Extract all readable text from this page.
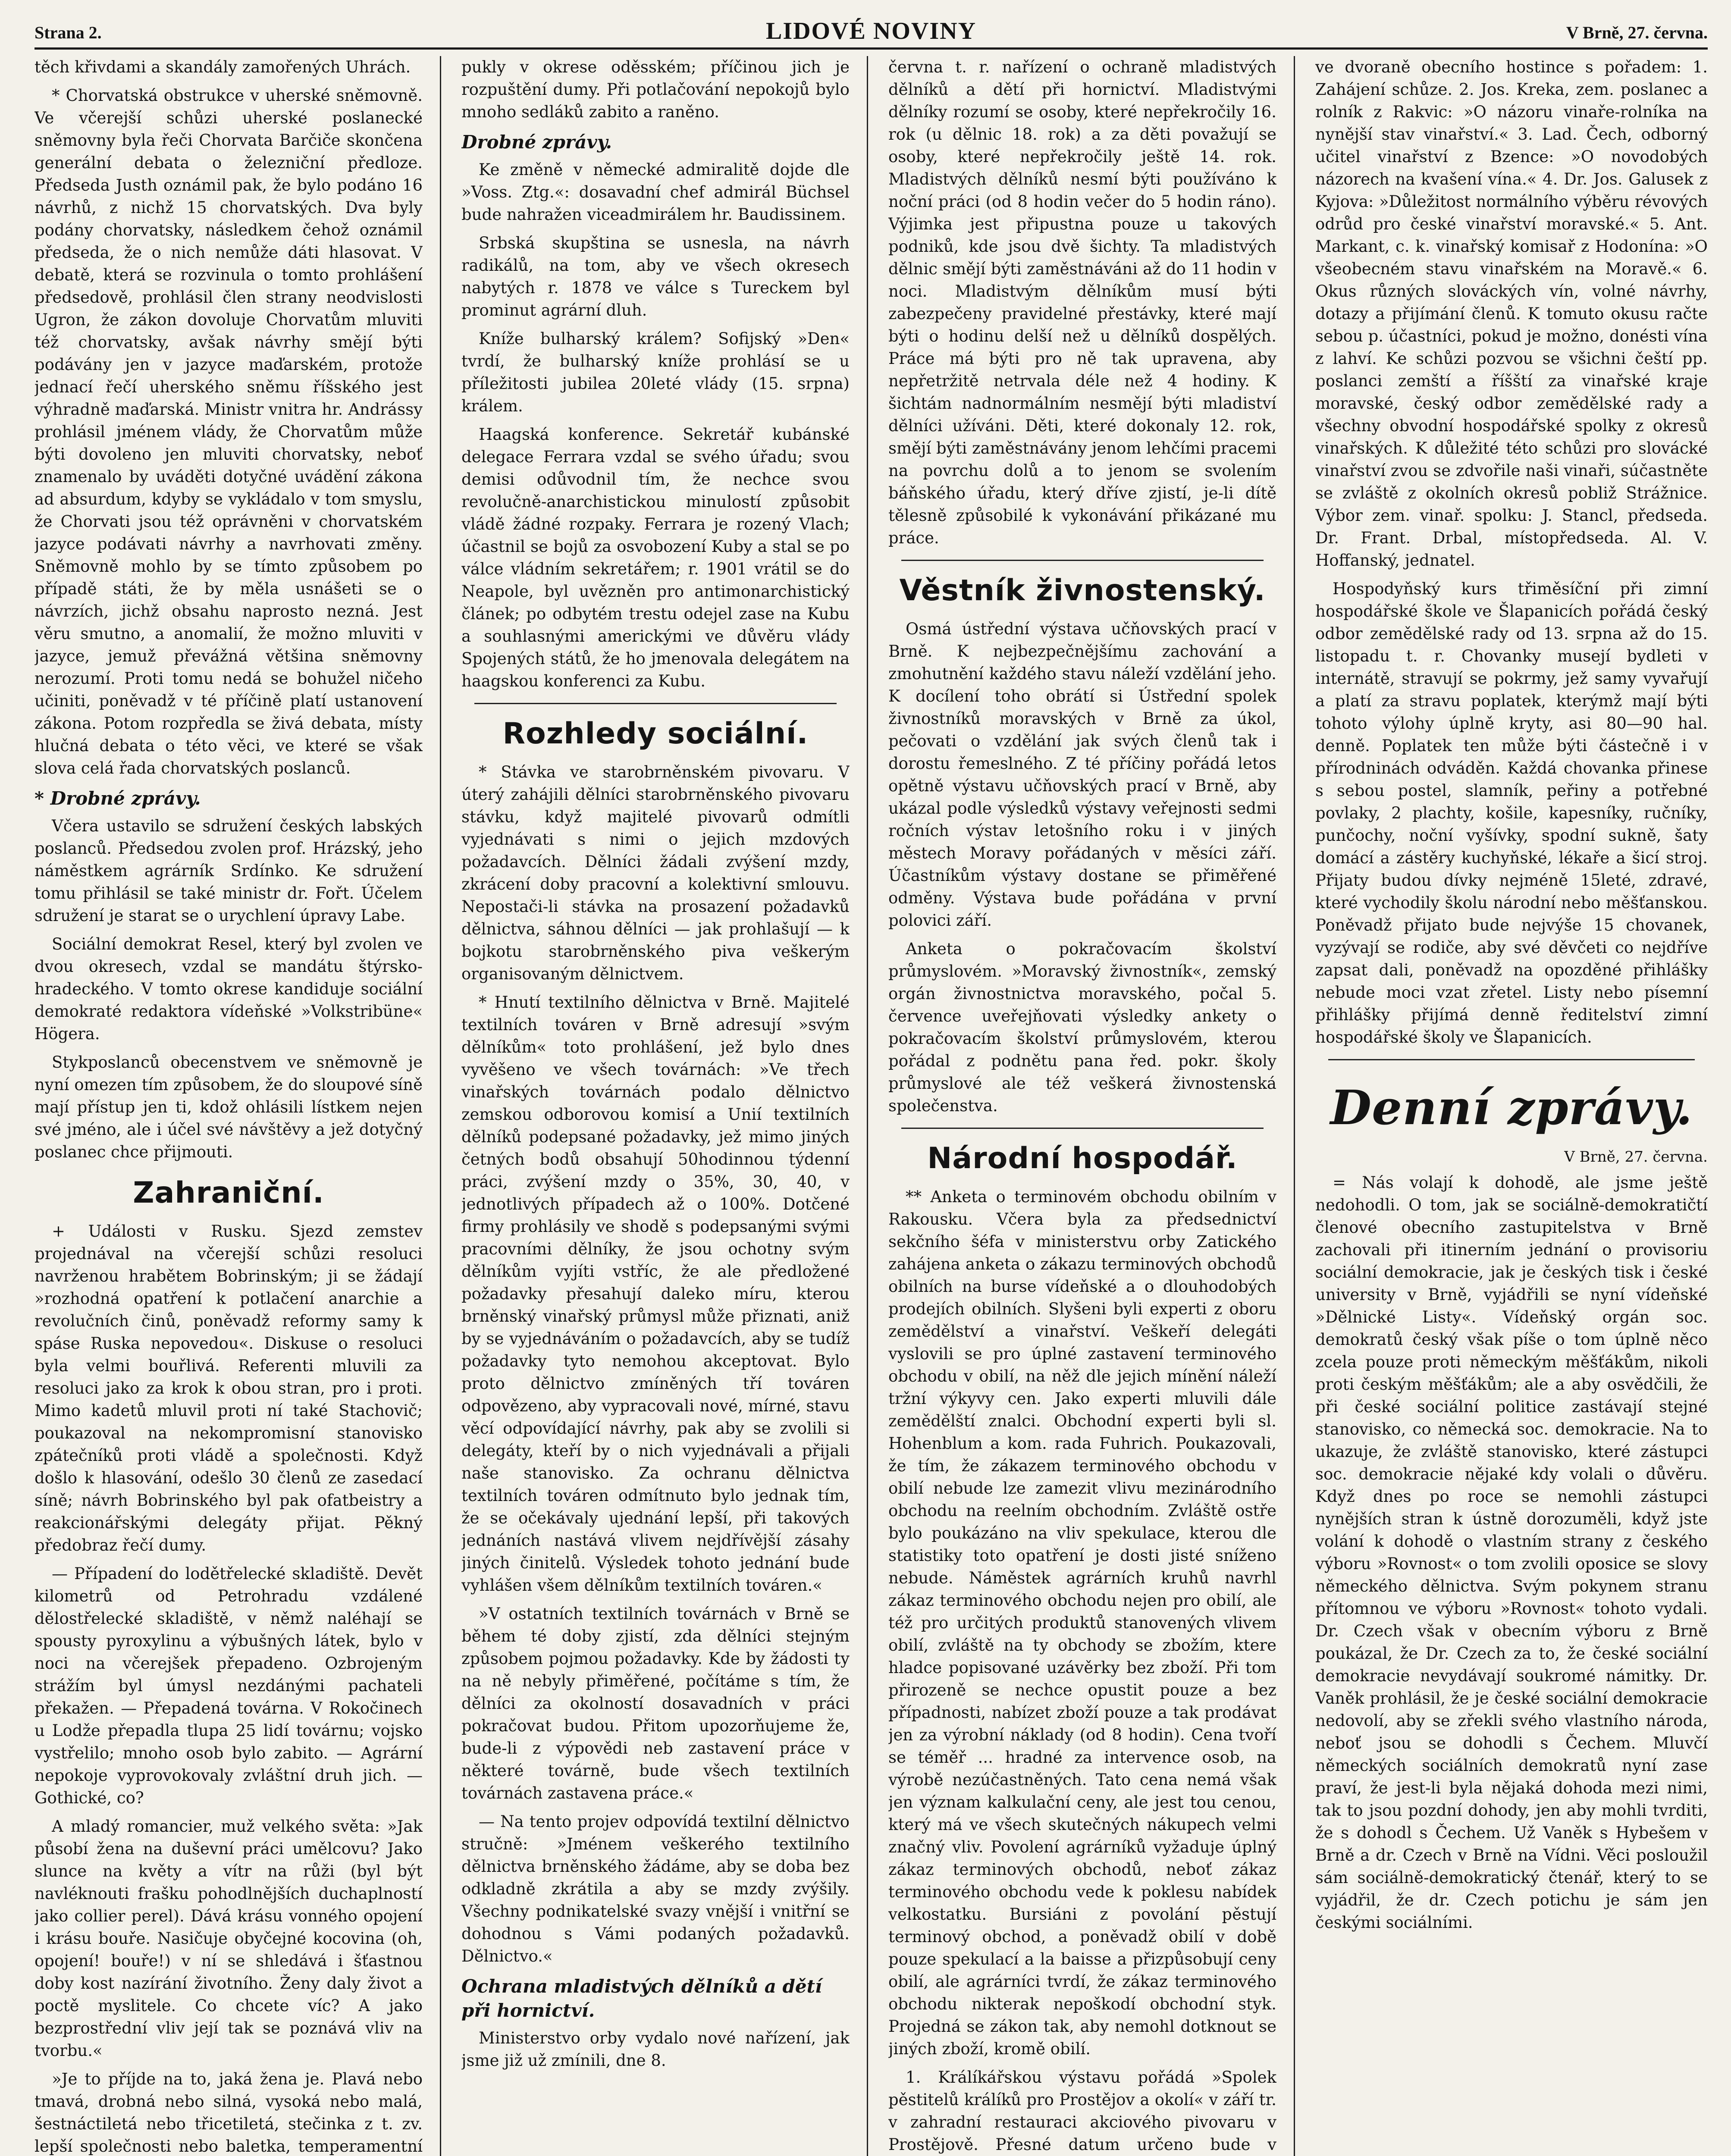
Strana 2.	LIDOVÉ NOVINY	V Brně, 27. června.

těch křivdami a skandály zamořených Uhrách.

* Chorvatská obstrukce v uherské sněmovně. Ve včerejší schůzi uherské poslanecké sněmovny byla řeči Chorvata Barčiče skončena generální debata o železniční předloze. Předseda Justh oznámil pak, že bylo podáno 16 návrhů, z nichž 15 chorvatských. Dva byly podány chorvatsky, následkem čehož oznámil předseda, že o nich nemůže dáti hlasovat. V debatě, která se rozvinula o tomto prohlášení předsedově, prohlásil člen strany neodvislosti Ugron, že zákon dovoluje Chorvatům mluviti též chorvatsky, avšak návrhy smějí býti podávány jen v jazyce maďarském, protože jednací řečí uherského sněmu říšského jest výhradně maďarská. Ministr vnitra hr. Andrássy prohlásil jménem vlády, že Chorvatům může býti dovoleno jen mluviti chorvatsky, neboť znamenalo by uváděti dotyčné uvádění zákona ad absurdum, kdyby se vykládalo v tom smyslu, že Chorvati jsou též oprávněni v chorvatském jazyce podávati návrhy a navrhovati změny. Sněmovně mohlo by se tímto způsobem po případě státi, že by měla usnášeti se o návrzích, jichž obsahu naprosto nezná. Jest věru smutno, a anomalií, že možno mluviti v jazyce, jemuž převážná většina sněmovny nerozumí. Proti tomu nedá se bohužel ničeho učiniti, poněvadž v té příčině platí ustanovení zákona. Potom rozpředla se živá debata, místy hlučná debata o této věci, ve které se však slova celá řada chorvatských poslanců.

* Drobné zprávy.

Včera ustavilo se sdružení českých labských poslanců. Předsedou zvolen prof. Hrázský, jeho náměstkem agrárník Srdínko. Ke sdružení tomu přihlásil se také ministr dr. Fořt. Účelem sdružení je starat se o urychlení úpravy Labe.

Sociální demokrat Resel, který byl zvolen ve dvou okresech, vzdal se mandátu štýrsko-hradeckého. V tomto okrese kandiduje sociální demokraté redaktora vídeňské »Volkstribüne« Högera.

Stykposlanců obecenstvem ve sněmovně je nyní omezen tím způsobem, že do sloupové síně mají přístup jen ti, kdož ohlásili lístkem nejen své jméno, ale i účel své návštěvy a jež dotyčný poslanec chce přijmouti.

Zahraniční.

+ Události v Rusku. Sjezd zemstev projednával na včerejší schůzi resoluci navrženou hrabětem Bobrinským; ji se žádají »rozhodná opatření k potlačení anarchie a revolučních činů, poněvadž reformy samy k spáse Ruska nepovedou«. Diskuse o resoluci byla velmi bouřlivá. Referenti mluvili za resoluci jako za krok k obou stran, pro i proti. Mimo kadetů mluvil proti ní také Stachovič; poukazoval na nekompromisní stanovisko zpátečníků proti vládě a společnosti. Když došlo k hlasování, odešlo 30 členů ze zasedací síně; návrh Bobrinského byl pak ofatbeistry a reakcionářskými delegáty přijat. Pěkný předobraz řečí dumy.

— Případení do lodětřelecké skladiště. Devět kilometrů od Petrohradu vzdálené dělostřelecké skladiště, v němž naléhají se spousty pyroxylinu a výbušných látek, bylo v noci na včerejšek přepadeno. Ozbrojeným strážím byl úmysl nezdánými pachateli překažen. — Přepadená továrna. V Rokočinech u Lodže přepadla tlupa 25 lidí továrnu; vojsko vystřelilo; mnoho osob bylo zabito. — Agrární nepokoje vyprovokovaly zvláštní druh jich. — Gothické, co?

A mladý romancier, muž velkého světa: »Jak působí žena na duševní práci umělcovu? Jako slunce na květy a vítr na růži (byl být navléknouti frašku pohodlnějších duchaplností jako collier perel). Dává krásu vonného opojení i krásu bouře. Nasičuje obyčejné kocovina (oh, opojení! bouře!) v ní se shledává i šťastnou doby kost nazírání životního. Ženy daly život a poctě myslitele. Co chcete víc? A jako bezprostřední vliv její tak se poznává vliv na tvorbu.«

»Je to příjde na to, jaká žena je. Plavá nebo tmavá, drobná nebo silná, vysoká nebo malá, šestnáctiletá nebo třicetiletá, stečinka z t. zv. lepší společnosti nebo baletka, temperamentní

pukly v okrese oděsském; příčinou jich je rozpuštění dumy. Při potlačování nepokojů bylo mnoho sedláků zabito a raněno.

Drobné zprávy.

Ke změně v německé admiralitě dojde dle »Voss. Ztg.«: dosavadní chef admirál Büchsel bude nahražen viceadmirálem hr. Baudissinem.

Srbská skupština se usnesla, na návrh radikálů, na tom, aby ve všech okresech nabytých r. 1878 ve válce s Tureckem byl prominut agrární dluh.

Kníže bulharský králem? Sofijský »Den« tvrdí, že bulharský kníže prohlásí se u příležitosti jubilea 20leté vlády (15. srpna) králem.

Haagská konference. Sekretář kubánské delegace Ferrara vzdal se svého úřadu; svou demisi odůvodnil tím, že nechce svou revolučně-anarchistickou minulostí způsobit vládě žádné rozpaky. Ferrara je rozený Vlach; účastnil se bojů za osvobození Kuby a stal se po válce vládním sekretářem; r. 1901 vrátil se do Neapole, byl uvězněn pro antimonarchistický článek; po odbytém trestu odejel zase na Kubu a souhlasnými americkými ve důvěru vlády Spojených států, že ho jmenovala delegátem na haagskou konferenci za Kubu.

Rozhledy sociální.

* Stávka ve starobrněnském pivovaru. V úterý zahájili dělníci starobrněnského pivovaru stávku, když majitelé pivovarů odmítli vyjednávati s nimi o jejich mzdových požadavcích. Dělníci žádali zvýšení mzdy, zkrácení doby pracovní a kolektivní smlouvu. Nepostači-li stávka na prosazení požadavků dělnictva, sáhnou dělníci — jak prohlašují — k bojkotu starobrněnského piva veškerým organisovaným dělnictvem.

* Hnutí textilního dělnictva v Brně. Majitelé textilních továren v Brně adresují »svým dělníkům« toto prohlášení, jež bylo dnes vyvěšeno ve všech továrnách: »Ve třech vinařských továrnách podalo dělnictvo zemskou odborovou komisí a Unií textilních dělníků podepsané požadavky, jež mimo jiných četných bodů obsahují 50hodinnou týdenní práci, zvýšení mzdy o 35%, 30, 40, v jednotlivých případech až o 100%. Dotčené firmy prohlásily ve shodě s podepsanými svými pracovními dělníky, že jsou ochotny svým dělníkům vyjíti vstříc, že ale předložené požadavky přesahují daleko míru, kterou brněnský vinařský průmysl může přiznati, aniž by se vyjednáváním o požadavcích, aby se tudíž požadavky tyto nemohou akceptovat. Bylo proto dělnictvo zmíněných tří továren odpovězeno, aby vypracovali nové, mírné, stavu věcí odpovídající návrhy, pak aby se zvolili si delegáty, kteří by o nich vyjednávali a přijali naše stanovisko. Za ochranu dělnictva textilních továren odmítnuto bylo jednak tím, že se očekávaly ujednání lepší, při takových jednáních nastává vlivem nejdřívější zásahy jiných činitelů. Výsledek tohoto jednání bude vyhlášen všem dělníkům textilních továren.«

»V ostatních textilních továrnách v Brně se během té doby zjistí, zda dělníci stejným způsobem pojmou požadavky. Kde by žádosti ty na ně nebyly přiměřené, počítáme s tím, že dělníci za okolností dosavadních v práci pokračovat budou. Přitom upozorňujeme že, bude-li z výpovědi neb zastavení práce v některé továrně, bude všech textilních továrnách zastavena práce.«

— Na tento projev odpovídá textilní dělnictvo stručně: »Jménem veškerého textilního dělnictva brněnského žádáme, aby se doba bez odkladně zkrátila a aby se mzdy zvýšily. Všechny podnikatelské svazy vnější i vnitřní se dohodnou s Vámi podaných požadavků. Dělnictvo.«

Ochrana mladistvých dělníků a dětí při hornictví.

Ministerstvo orby vydalo nové nařízení, jak jsme již už zmínili, dne 8.

června t. r. nařízení o ochraně mladistvých dělníků a dětí při hornictví. Mladistvými dělníky rozumí se osoby, které nepřekročily 16. rok (u dělnic 18. rok) a za děti považují se osoby, které nepřekročily ještě 14. rok. Mladistvých dělníků nesmí býti používáno k noční práci (od 8 hodin večer do 5 hodin ráno). Výjimka jest připustna pouze u takových podniků, kde jsou dvě šichty. Ta mladistvých dělnic smějí býti zaměstnáváni až do 11 hodin v noci. Mladistvým dělníkům musí býti zabezpečeny pravidelné přestávky, které mají býti o hodinu delší než u dělníků dospělých. Práce má býti pro ně tak upravena, aby nepřetržitě netrvala déle než 4 hodiny. K šichtám nadnormálním nesmějí býti mladiství dělníci užíváni. Děti, které dokonaly 12. rok, smějí býti zaměstnávány jenom lehčími pracemi na povrchu dolů a to jenom se svolením báňského úřadu, který dříve zjistí, je-li dítě tělesně způsobilé k vykonávání přikázané mu práce.

Věstník živnostenský.

Osmá ústřední výstava učňovských prací v Brně. K nejbezpečnějšímu zachování a zmohutnění každého stavu náleží vzdělání jeho. K docílení toho obrátí si Ústřední spolek živnostníků moravských v Brně za úkol, pečovati o vzdělání jak svých členů tak i dorostu řemeslného. Z té příčiny pořádá letos opětně výstavu učňovských prací v Brně, aby ukázal podle výsledků výstavy veřejnosti sedmi ročních výstav letošního roku i v jiných městech Moravy pořádaných v měsíci září. Účastníkům výstavy dostane se přiměřené odměny. Výstava bude pořádána v první polovici září.

Anketa o pokračovacím školství průmyslovém. »Moravský živnostník«, zemský orgán živnostnictva moravského, počal 5. července uveřejňovati výsledky ankety o pokračovacím školství průmyslovém, kterou pořádal z podnětu pana řed. pokr. školy průmyslové ale též veškerá živnostenská společenstva.

Národní hospodář.

** Anketa o terminovém obchodu obilním v Rakousku. Včera byla za předsednictví sekčního šéfa v ministerstvu orby Zatického zahájena anketa o zákazu terminových obchodů obilních na burse vídeňské a o dlouhodobých prodejích obilních. Slyšeni byli experti z oboru zemědělství a vinařství. Veškeří delegáti vyslovili se pro úplné zastavení terminového obchodu v obilí, na něž dle jejich mínění náleží tržní výkyvy cen. Jako experti mluvili dále zemědělští znalci. Obchodní experti byli sl. Hohenblum a kom. rada Fuhrich. Poukazovali, že tím, že zákazem terminového obchodu v obilí nebude lze zamezit vlivu mezinárodního obchodu na reelním obchodním. Zvláště ostře bylo poukázáno na vliv spekulace, kterou dle statistiky toto opatření je dosti jisté sníženo nebude. Náměstek agrárních kruhů navrhl zákaz terminového obchodu nejen pro obilí, ale též pro určitých produktů stanovených vlivem obilí, zvláště na ty obchody se zbožím, ktere hladce popisované uzávěrky bez zboží. Při tom přirozeně se nechce opustit pouze a bez případnosti, nabízet zboží pouze a tak prodávat jen za výrobní náklady (od 8 hodin). Cena tvoří se téměř ... hradné za intervence osob, na výrobě nezúčastněných. Tato cena nemá však jen význam kalkulační ceny, ale jest tou cenou, který má ve všech skutečných nákupech velmi značný vliv. Povolení agrárníků vyžaduje úplný zákaz terminových obchodů, neboť zákaz terminového obchodu vede k poklesu nabídek velkostatku. Bursiáni z povolání pěstují terminový obchod, a poněvadž obilí v době pouze spekulací a la baisse a přizpůsobují ceny obilí, ale agrárníci tvrdí, že zákaz terminového obchodu nikterak nepoškodí obchodní styk. Projedná se zákon tak, aby nemohl dotknout se jiných zboží, kromě obilí.

1. Králíkářskou výstavu pořádá »Spolek pěstitelů králíků pro Prostějov a okolí« v září tr. v zahradní restauraci akciového pivovaru v Prostějově. Přesné datum určeno bude v

ve dvoraně obecního hostince s pořadem: 1. Zahájení schůze. 2. Jos. Kreka, zem. poslanec a rolník z Rakvic: »O názoru vinaře-rolníka na nynější stav vinařství.« 3. Lad. Čech, odborný učitel vinařství z Bzence: »O novodobých názorech na kvašení vína.« 4. Dr. Jos. Galusek z Kyjova: »Důležitost normálního výběru révových odrůd pro české vinařství moravské.« 5. Ant. Markant, c. k. vinařský komisař z Hodonína: »O všeobecném stavu vinařském na Moravě.« 6. Okus různých slováckých vín, volné návrhy, dotazy a přijímání členů. K tomuto okusu račte sebou p. účastníci, pokud je možno, donésti vína z lahví. Ke schůzi pozvou se všichni čeští pp. poslanci zemští a říšští za vinařské kraje moravské, český odbor zemědělské rady a všechny obvodní hospodářské spolky z okresů vinařských. K důležité této schůzi pro slovácké vinařství zvou se zdvořile naši vinaři, súčastněte se zvláště z okolních okresů pobliž Strážnice. Výbor zem. vinař. spolku: J. Stancl, předseda. Dr. Frant. Drbal, místopředseda. Al. V. Hoffanský, jednatel.

Hospodyňský kurs třiměsíční při zimní hospodářské škole ve Šlapanicích pořádá český odbor zemědělské rady od 13. srpna až do 15. listopadu t. r. Chovanky musejí bydleti v internátě, stravují se pokrmy, jež samy vyvařují a platí za stravu poplatek, kterýmž mají býti tohoto výlohy úplně kryty, asi 80—90 hal. denně. Poplatek ten může býti částečně i v přírodninách odváděn. Každá chovanka přinese s sebou postel, slamník, peřiny a potřebné povlaky, 2 plachty, košile, kapesníky, ručníky, punčochy, noční vyšívky, spodní sukně, šaty domácí a zástěry kuchyňské, lékaře a šicí stroj. Přijaty budou dívky nejméně 15leté, zdravé, které vychodily školu národní nebo měšťanskou. Poněvadž přijato bude nejvýše 15 chovanek, vyzývají se rodiče, aby své děvčeti co nejdříve zapsat dali, poněvadž na opozděné přihlášky nebude moci vzat zřetel. Listy nebo písemní přihlášky přijímá denně ředitelství zimní hospodářské školy ve Šlapanicích.

Denní zprávy.
V Brně, 27. června.

= Nás volají k dohodě, ale jsme ještě nedohodli. O tom, jak se sociálně-demokratičtí členové obecního zastupitelstva v Brně zachovali při itinerním jednání o provisoriu sociální demokracie, jak je českých tisk i české university v Brně, vyjádřili se nyní vídeňské »Dělnické Listy«. Vídeňský orgán soc. demokratů český však píše o tom úplně něco zcela pouze proti německým měšťákům, nikoli proti českým měšťákům; ale a aby osvědčili, že při české sociální politice zastávají stejné stanovisko, co německá soc. demokracie. Na to ukazuje, že zvláště stanovisko, které zástupci soc. demokracie nějaké kdy volali o důvěru. Když dnes po roce se nemohli zástupci nynějších stran k ústně dorozuměli, když jste volání k dohodě o vlastním strany z českého výboru »Rovnost« o tom zvolili oposice se slovy německého dělnictva. Svým pokynem stranu přítomnou ve výboru »Rovnost« tohoto vydali. Dr. Czech však v obecním výboru z Brně poukázal, že Dr. Czech za to, že české sociální demokracie nevydávají soukromé námitky. Dr. Vaněk prohlásil, že je české sociální demokracie nedovolí, aby se zřekli svého vlastního národa, neboť jsou se dohodli s Čechem. Mluvčí německých sociálních demokratů nyní zase praví, že jest-li byla nějaká dohoda mezi nimi, tak to jsou pozdní dohody, jen aby mohli tvrditi, že s dohodl s Čechem. Už Vaněk s Hybešem v Brně a dr. Czech v Brně na Vídni. Věci posloužil sám sociálně-demokratický čtenář, který to se vyjádřil, že dr. Czech potichu je sám jen českými sociálními.
